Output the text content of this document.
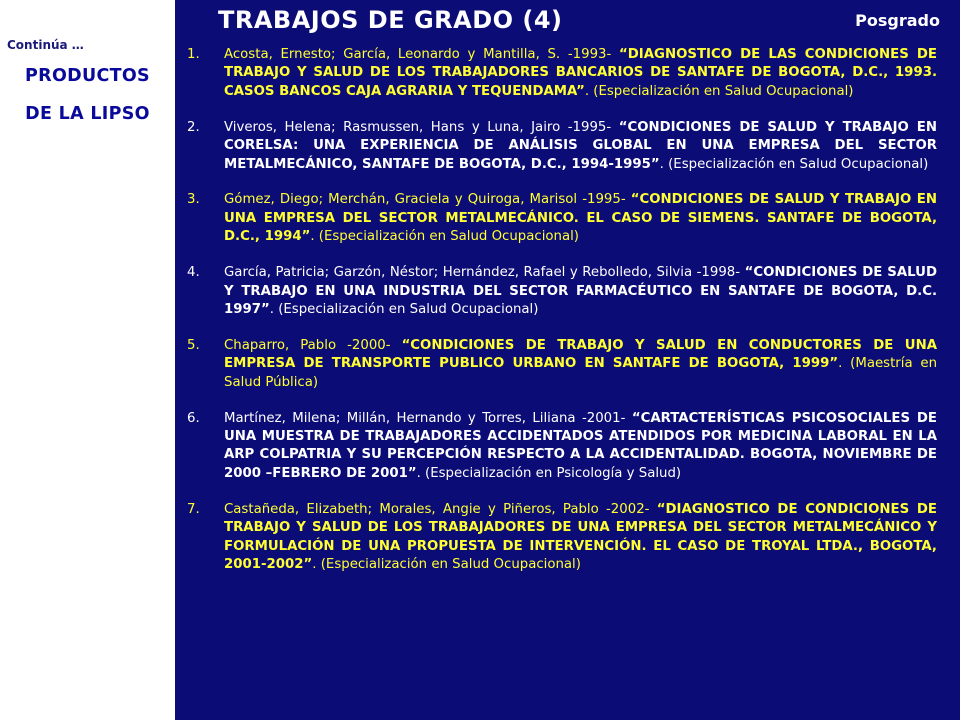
Continúa …
PRODUCTOS
DE LA LIPSO
TRABAJOS DE GRADO (4)	Posgrado
1. Acosta, Ernesto; García, Leonardo y Mantilla, S. -1993- “DIAGNOSTICO DE LAS CONDICIONES DE TRABAJO Y SALUD DE LOS TRABAJADORES BANCARIOS DE SANTAFE DE BOGOTA, D.C., 1993. CASOS BANCOS CAJA AGRARIA Y TEQUENDAMA”. (Especialización en Salud Ocupacional)
2. Viveros, Helena; Rasmussen, Hans y Luna, Jairo -1995- “CONDICIONES DE SALUD Y TRABAJO EN CORELSA: UNA EXPERIENCIA DE ANÁLISIS GLOBAL EN UNA EMPRESA DEL SECTOR METALMECÁNICO, SANTAFE DE BOGOTA, D.C., 1994-1995”. (Especialización en Salud Ocupacional)
3. Gómez, Diego; Merchán, Graciela y Quiroga, Marisol -1995- “CONDICIONES DE SALUD Y TRABAJO EN UNA EMPRESA DEL SECTOR METALMECÁNICO. EL CASO DE SIEMENS. SANTAFE DE BOGOTA, D.C., 1994”. (Especialización en Salud Ocupacional)
4. García, Patricia; Garzón, Néstor; Hernández, Rafael y Rebolledo, Silvia -1998- “CONDICIONES DE SALUD Y TRABAJO EN UNA INDUSTRIA DEL SECTOR FARMACÉUTICO EN SANTAFE DE BOGOTA, D.C. 1997”. (Especialización en Salud Ocupacional)
5. Chaparro, Pablo -2000- “CONDICIONES DE TRABAJO Y SALUD EN CONDUCTORES DE UNA EMPRESA DE TRANSPORTE PUBLICO URBANO EN SANTAFE DE BOGOTA, 1999”. (Maestría en Salud Pública)
6. Martínez, Milena; Millán, Hernando y Torres, Liliana -2001- “CARTACTERÍSTICAS PSICOSOCIALES DE UNA MUESTRA DE TRABAJADORES ACCIDENTADOS ATENDIDOS POR MEDICINA LABORAL EN LA ARP COLPATRIA Y SU PERCEPCIÓN RESPECTO A LA ACCIDENTALIDAD. BOGOTA, NOVIEMBRE DE 2000 –FEBRERO DE 2001”. (Especialización en Psicología y Salud)
7. Castañeda, Elizabeth; Morales, Angie y Piñeros, Pablo -2002- “DIAGNOSTICO DE CONDICIONES DE TRABAJO Y SALUD DE LOS TRABAJADORES DE UNA EMPRESA DEL SECTOR METALMECÁNICO Y FORMULACIÓN DE UNA PROPUESTA DE INTERVENCIÓN. EL CASO DE TROYAL LTDA., BOGOTA, 2001-2002”. (Especialización en Salud Ocupacional)
